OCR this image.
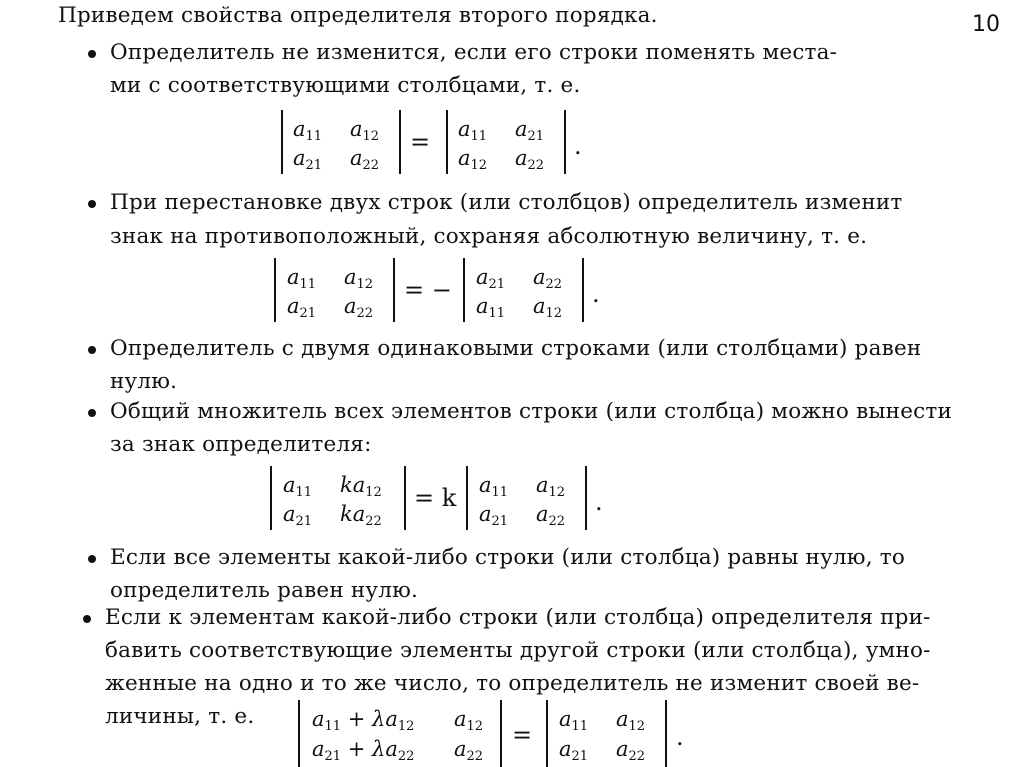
10
Приведем свойства определителя второго порядка.
Определитель не изменится, если его строки поменять места-
ми с соответствующими столбцами, т. е.
$a_{11}$ $a_{12}$
$a_{21}$ $a_{22}$
= $a_{11}$ $a_{21}$
$a_{12}$ $a_{22}$
.
При перестановке двух строк (или столбцов) определитель изменит
знак на противоположный, сохраняя абсолютную величину, т. е.
$a_{11}$ $a_{12}$
$a_{21}$ $a_{22}$
= − $a_{21}$ $a_{22}$
$a_{11}$ $a_{12}$
.
Определитель с двумя одинаковыми строками (или столбцами) равен
нулю.
Общий множитель всех элементов строки (или столбца) можно вынести
за знак определителя:
$a_{11}$ $ka_{12}$
$a_{21}$ $ka_{22}$
= k $a_{11}$ $a_{12}$
$a_{21}$ $a_{22}$
.
Если все элементы какой-либо строки (или столбца) равны нулю, то
определитель равен нулю.
Если к элементам какой-либо строки (или столбца) определителя при-
бавить соответствующие элементы другой строки (или столбца), умно-
женные на одно и то же число, то определитель не изменит своей ве-
личины, т. е.	$a_{11} + \lambda a_{12}$ $a_{12}$
$a_{21} + \lambda a_{22}$ $a_{22}$
=
$a_{11}$ $a_{12}$
$a_{21}$ $a_{22}$
.
